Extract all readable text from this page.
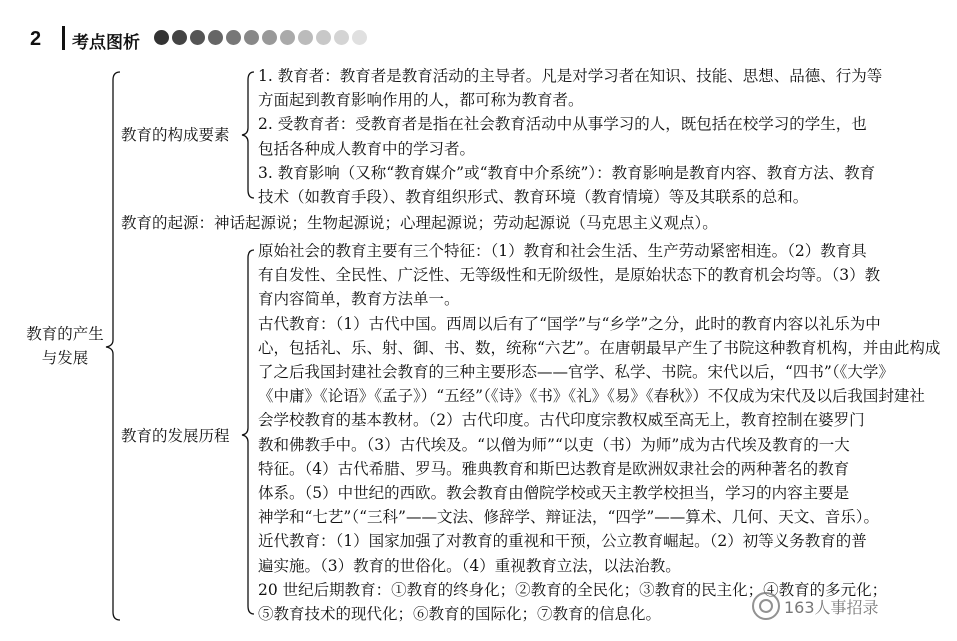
2 考点图析
教育的产生
与发展
教育的构成要素
1. 教育者：教育者是教育活动的主导者。凡是对学习者在知识、技能、思想、品德、行为等
方面起到教育影响作用的人，都可称为教育者。
2. 受教育者：受教育者是指在社会教育活动中从事学习的人，既包括在校学习的学生，也
包括各种成人教育中的学习者。
3. 教育影响（又称“教育媒介”或“教育中介系统”）：教育影响是教育内容、教育方法、教育
技术（如教育手段）、教育组织形式、教育环境（教育情境）等及其联系的总和。
教育的起源：神话起源说；生物起源说；心理起源说；劳动起源说（马克思主义观点）。
教育的发展历程
原始社会的教育主要有三个特征：（1）教育和社会生活、生产劳动紧密相连。（2）教育具
有自发性、全民性、广泛性、无等级性和无阶级性，是原始状态下的教育机会均等。（3）教
育内容简单，教育方法单一。
古代教育：（1）古代中国。西周以后有了“国学”与“乡学”之分，此时的教育内容以礼乐为中
心，包括礼、乐、射、御、书、数，统称“六艺”。在唐朝最早产生了书院这种教育机构，并由此构成
了之后我国封建社会教育的三种主要形态——官学、私学、书院。宋代以后，“四书”（《大学》
《中庸》《论语》《孟子》）“五经”（《诗》《书》《礼》《易》《春秋》）不仅成为宋代及以后我国封建社
会学校教育的基本教材。（2）古代印度。古代印度宗教权威至高无上，教育控制在婆罗门
教和佛教手中。（3）古代埃及。“以僧为师”“以吏（书）为师”成为古代埃及教育的一大
特征。（4）古代希腊、罗马。雅典教育和斯巴达教育是欧洲奴隶社会的两种著名的教育
体系。（5）中世纪的西欧。教会教育由僧院学校或天主教学校担当，学习的内容主要是
神学和“七艺”（“三科”——文法、修辞学、辩证法，“四学”——算术、几何、天文、音乐）。
近代教育：（1）国家加强了对教育的重视和干预，公立教育崛起。（2）初等义务教育的普
遍实施。（3）教育的世俗化。（4）重视教育立法，以法治教。
20 世纪后期教育：①教育的终身化；②教育的全民化；③教育的民主化；④教育的多元化；
⑤教育技术的现代化；⑥教育的国际化；⑦教育的信息化。	163人事招录
